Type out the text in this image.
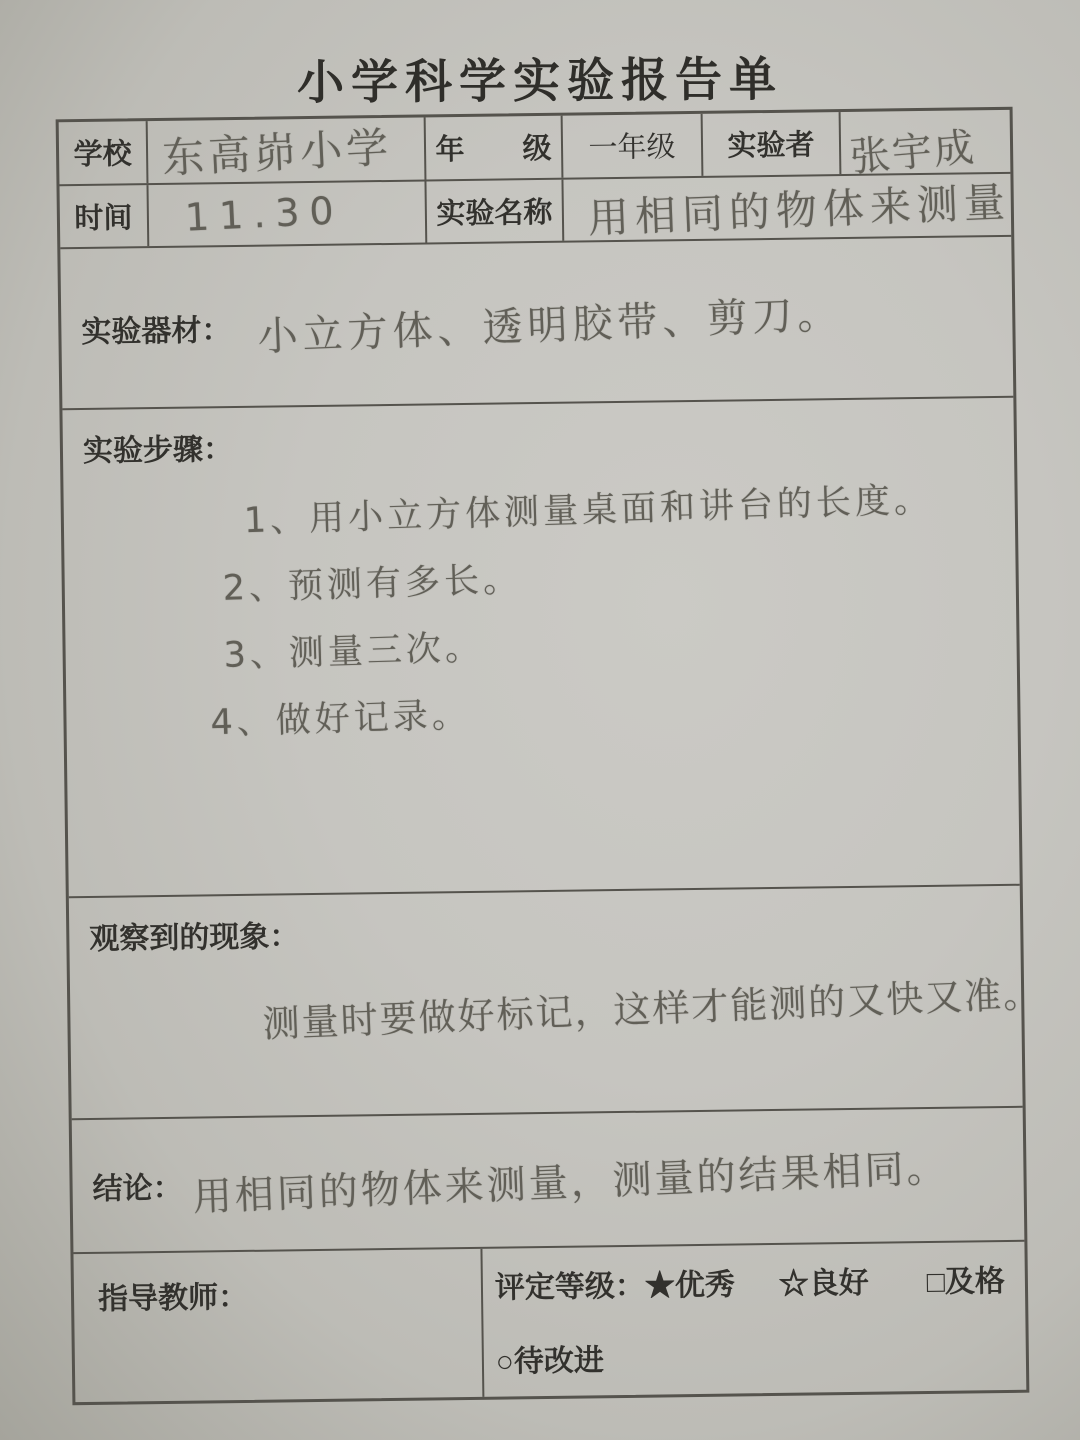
小学科学实验报告单
学校 东高峁小学	年　　级	一年级	实验者 张宇成
时间	11.30	实验名称 用相同的物体来测量
实验器材： 小立方体、透明胶带、剪刀。
实验步骤：
1、用小立方体测量桌面和讲台的长度。
2、预测有多长。
3、测量三次。
4、做好记录。
观察到的现象：
测量时要做好标记，这样才能测的又快又准。
结论： 用相同的物体来测量，测量的结果相同。
指导教师：	评定等级：★优秀 ☆良好 □及格
○待改进
